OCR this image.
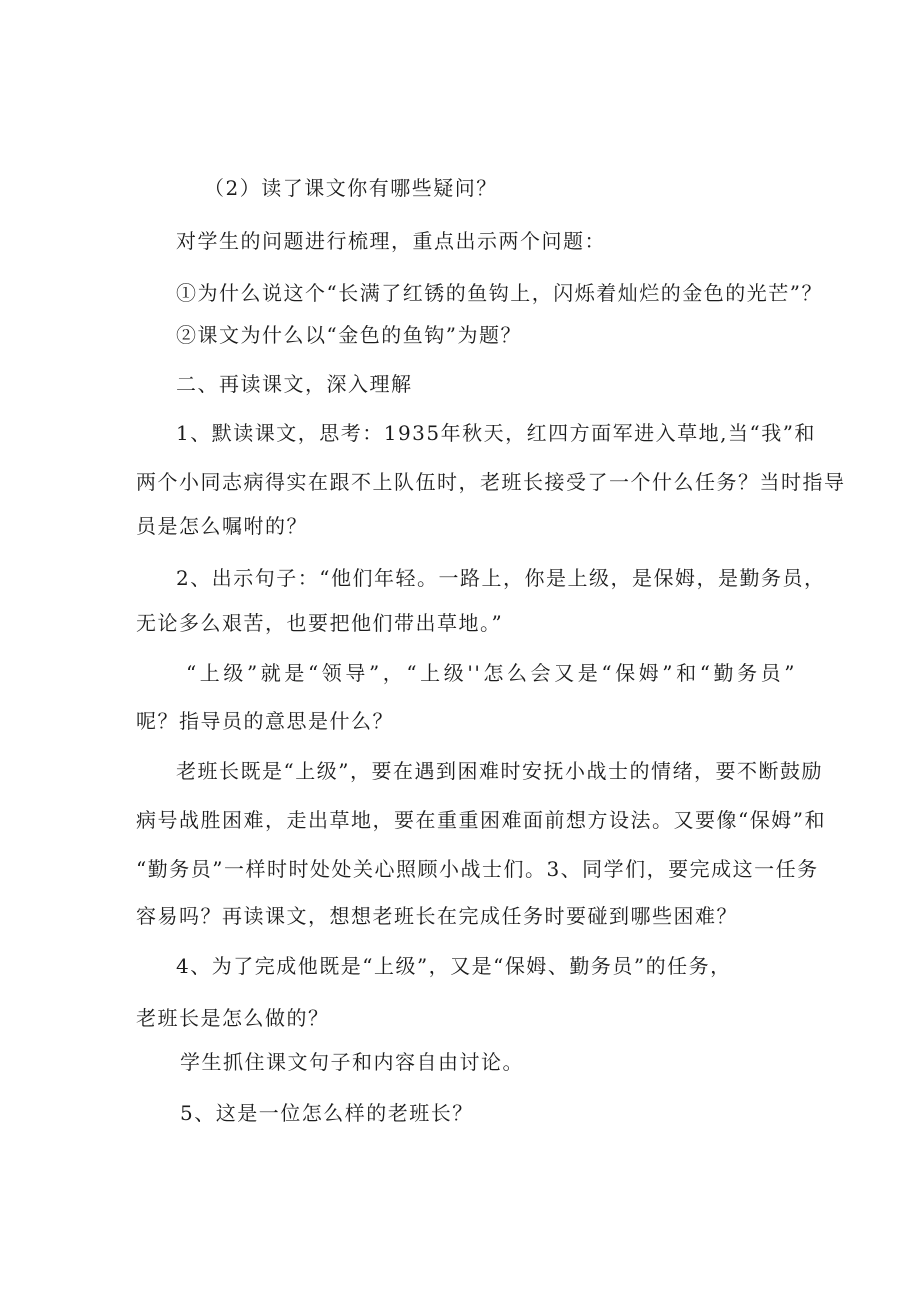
（2）读了课文你有哪些疑问？
对学生的问题进行梳理，重点出示两个问题：
①为什么说这个“长满了红锈的鱼钩上，闪烁着灿烂的金色的光芒”？
②课文为什么以“金色的鱼钩”为题？
二、再读课文，深入理解
1、默读课文，思考：1935年秋天，红四方面军进入草地,当“我”和
两个小同志病得实在跟不上队伍时，老班长接受了一个什么任务？当时指导
员是怎么嘱咐的？
2、出示句子：“他们年轻。一路上，你是上级，是保姆，是勤务员，
无论多么艰苦，也要把他们带出草地。”
“上级”就是“领导”，“上级''怎么会又是“保姆”和“勤务员”
呢？指导员的意思是什么？
老班长既是“上级”，要在遇到困难时安抚小战士的情绪，要不断鼓励
病号战胜困难，走出草地，要在重重困难面前想方设法。又要像“保姆”和
“勤务员”一样时时处处关心照顾小战士们。3、同学们，要完成这一任务
容易吗？再读课文，想想老班长在完成任务时要碰到哪些困难？
4、为了完成他既是“上级”，又是“保姆、勤务员”的任务，
老班长是怎么做的？
学生抓住课文句子和内容自由讨论。
5、这是一位怎么样的老班长？
